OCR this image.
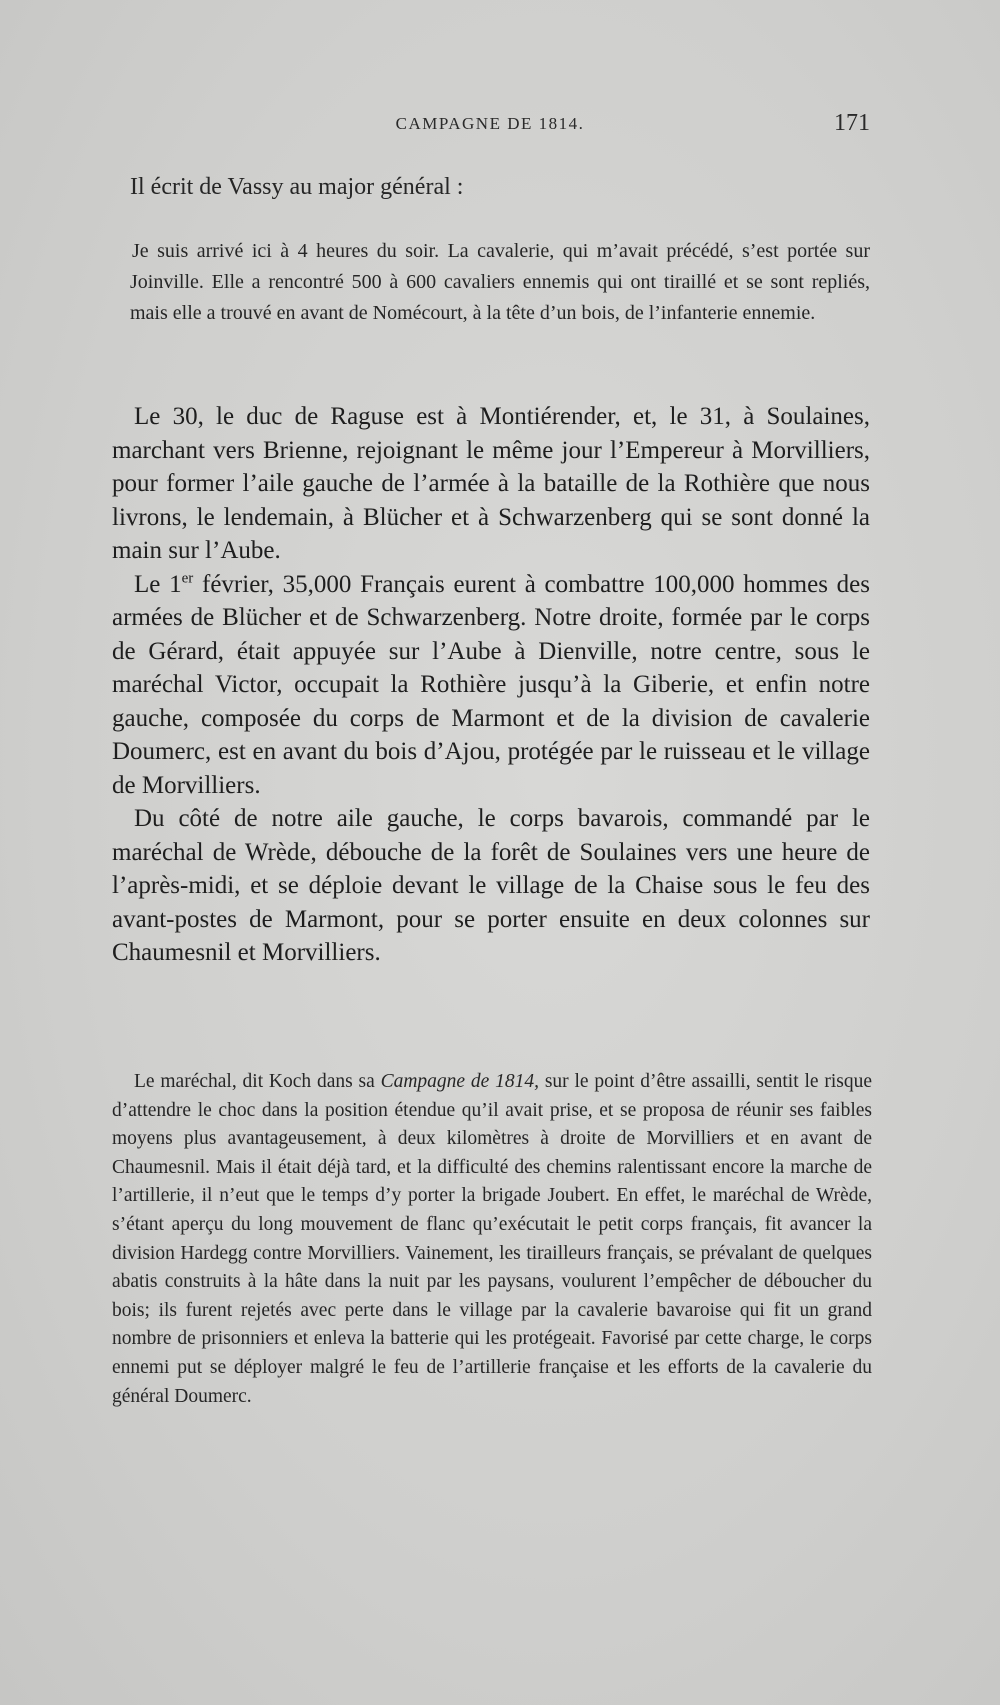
CAMPAGNE DE 1814.	171
Il écrit de Vassy au major général :

Je suis arrivé ici à 4 heures du soir. La cavalerie, qui m’avait précédé, s’est portée sur Joinville. Elle a rencontré 500 à 600 cavaliers ennemis qui ont tiraillé et se sont repliés, mais elle a trouvé en avant de Nomécourt, à la tête d’un bois, de l’infanterie ennemie.

Le 30, le duc de Raguse est à Montiérender, et, le 31, à Soulaines, marchant vers Brienne, rejoignant le même jour l’Empereur à Morvilliers, pour former l’aile gauche de l’armée à la bataille de la Rothière que nous livrons, le lendemain, à Blücher et à Schwarzenberg qui se sont donné la main sur l’Aube.

Le 1er février, 35,000 Français eurent à combattre 100,000 hommes des armées de Blücher et de Schwarzenberg. Notre droite, formée par le corps de Gérard, était appuyée sur l’Aube à Dienville, notre centre, sous le maréchal Victor, occupait la Rothière jusqu’à la Giberie, et enfin notre gauche, composée du corps de Marmont et de la division de cavalerie Doumerc, est en avant du bois d’Ajou, protégée par le ruisseau et le village de Morvilliers.

Du côté de notre aile gauche, le corps bavarois, commandé par le maréchal de Wrède, débouche de la forêt de Soulaines vers une heure de l’après-midi, et se déploie devant le village de la Chaise sous le feu des avant-postes de Marmont, pour se porter ensuite en deux colonnes sur Chaumesnil et Morvilliers.

Le maréchal, dit Koch dans sa Campagne de 1814, sur le point d’être assailli, sentit le risque d’attendre le choc dans la position étendue qu’il avait prise, et se proposa de réunir ses faibles moyens plus avantageusement, à deux kilomètres à droite de Morvilliers et en avant de Chaumesnil. Mais il était déjà tard, et la difficulté des chemins ralentissant encore la marche de l’artillerie, il n’eut que le temps d’y porter la brigade Joubert. En effet, le maréchal de Wrède, s’étant aperçu du long mouvement de flanc qu’exécutait le petit corps français, fit avancer la division Hardegg contre Morvilliers. Vainement, les tirailleurs français, se prévalant de quelques abatis construits à la hâte dans la nuit par les paysans, voulurent l’empêcher de déboucher du bois; ils furent rejetés avec perte dans le village par la cavalerie bavaroise qui fit un grand nombre de prisonniers et enleva la batterie qui les protégeait. Favorisé par cette charge, le corps ennemi put se déployer malgré le feu de l’artillerie française et les efforts de la cavalerie du général Doumerc.
